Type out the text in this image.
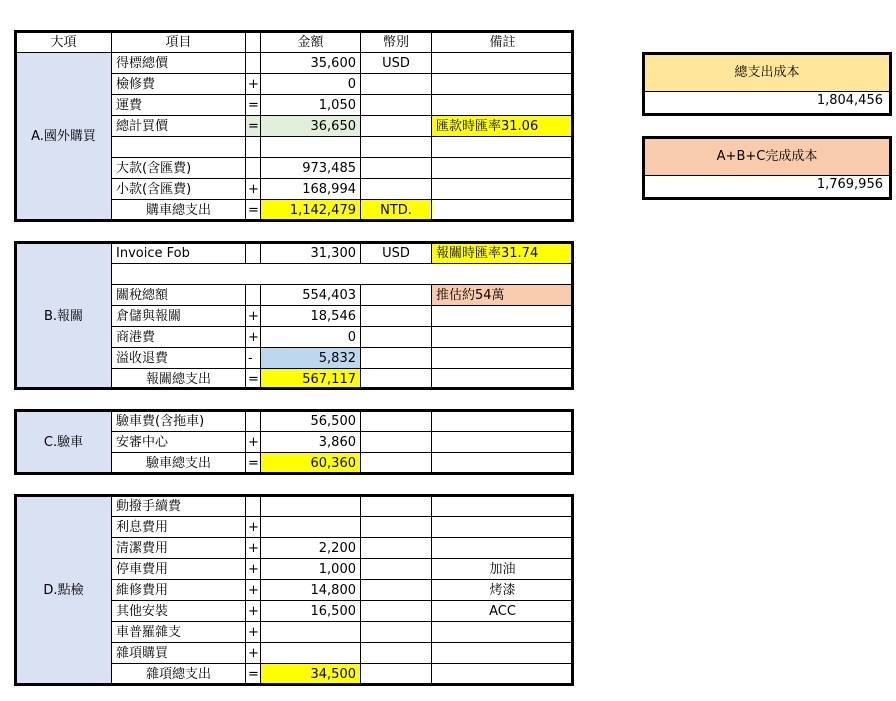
大項	項目		金額	幣別	備註
A.國外購買	得標總價		35,600	USD	
	檢修費	+	0		
	運費	=	1,050		
	總計買價	=	36,650		匯款時匯率31.06

	大款(含匯費)		973,485		
	小款(含匯費)	+	168,994		
	購車總支出	=	1,142,479	NTD.	
B.報關	Invoice Fob		31,300	USD	報關時匯率31.74

	關稅總額		554,403		推估約54萬
	倉儲與報關	+	18,546		
	商港費	+	0		
	溢收退費	-	5,832		
	報關總支出	=	567,117		
C.驗車	驗車費(含拖車)		56,500		
	安審中心	+	3,860		
	驗車總支出	=	60,360		
D.點檢	動撥手續費				
	利息費用	+			
	清潔費用	+	2,200		
	停車費用	+	1,000		加油
	維修費用	+	14,800		烤漆
	其他安裝	+	16,500		ACC
	車普羅雜支	+			
	雜項購買	+			
	雜項總支出	=	34,500		
總支出成本
1,804,456
A+B+C完成成本
1,769,956
